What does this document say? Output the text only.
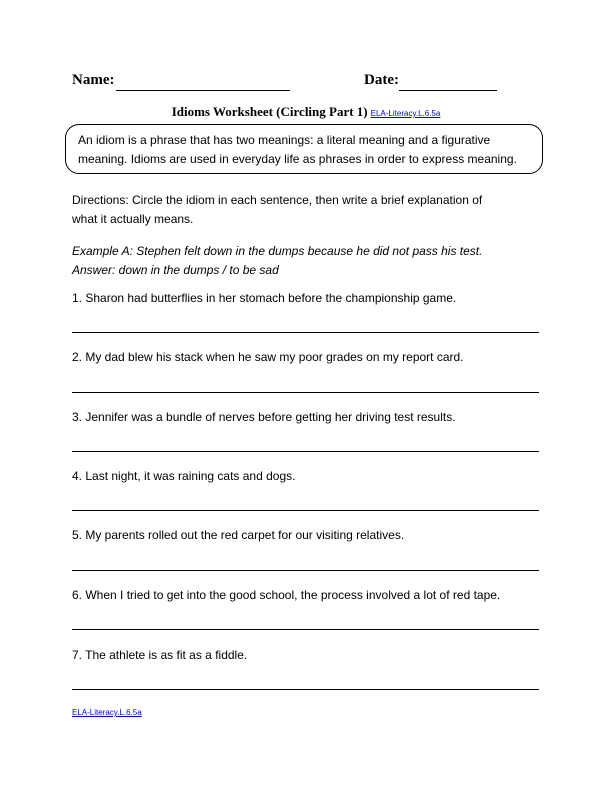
Name:	Date:
Idioms Worksheet (Circling Part 1) ELA-Literacy.L.6.5a
An idiom is a phrase that has two meanings: a literal meaning and a figurative
meaning. Idioms are used in everyday life as phrases in order to express meaning.
Directions: Circle the idiom in each sentence, then write a brief explanation of
what it actually means.
Example A: Stephen felt down in the dumps because he did not pass his test.
Answer: down in the dumps / to be sad
1. Sharon had butterflies in her stomach before the championship game.
2. My dad blew his stack when he saw my poor grades on my report card.
3. Jennifer was a bundle of nerves before getting her driving test results.
4. Last night, it was raining cats and dogs.
5. My parents rolled out the red carpet for our visiting relatives.
6. When I tried to get into the good school, the process involved a lot of red tape.
7. The athlete is as fit as a fiddle.
ELA-Literacy.L.6.5a
